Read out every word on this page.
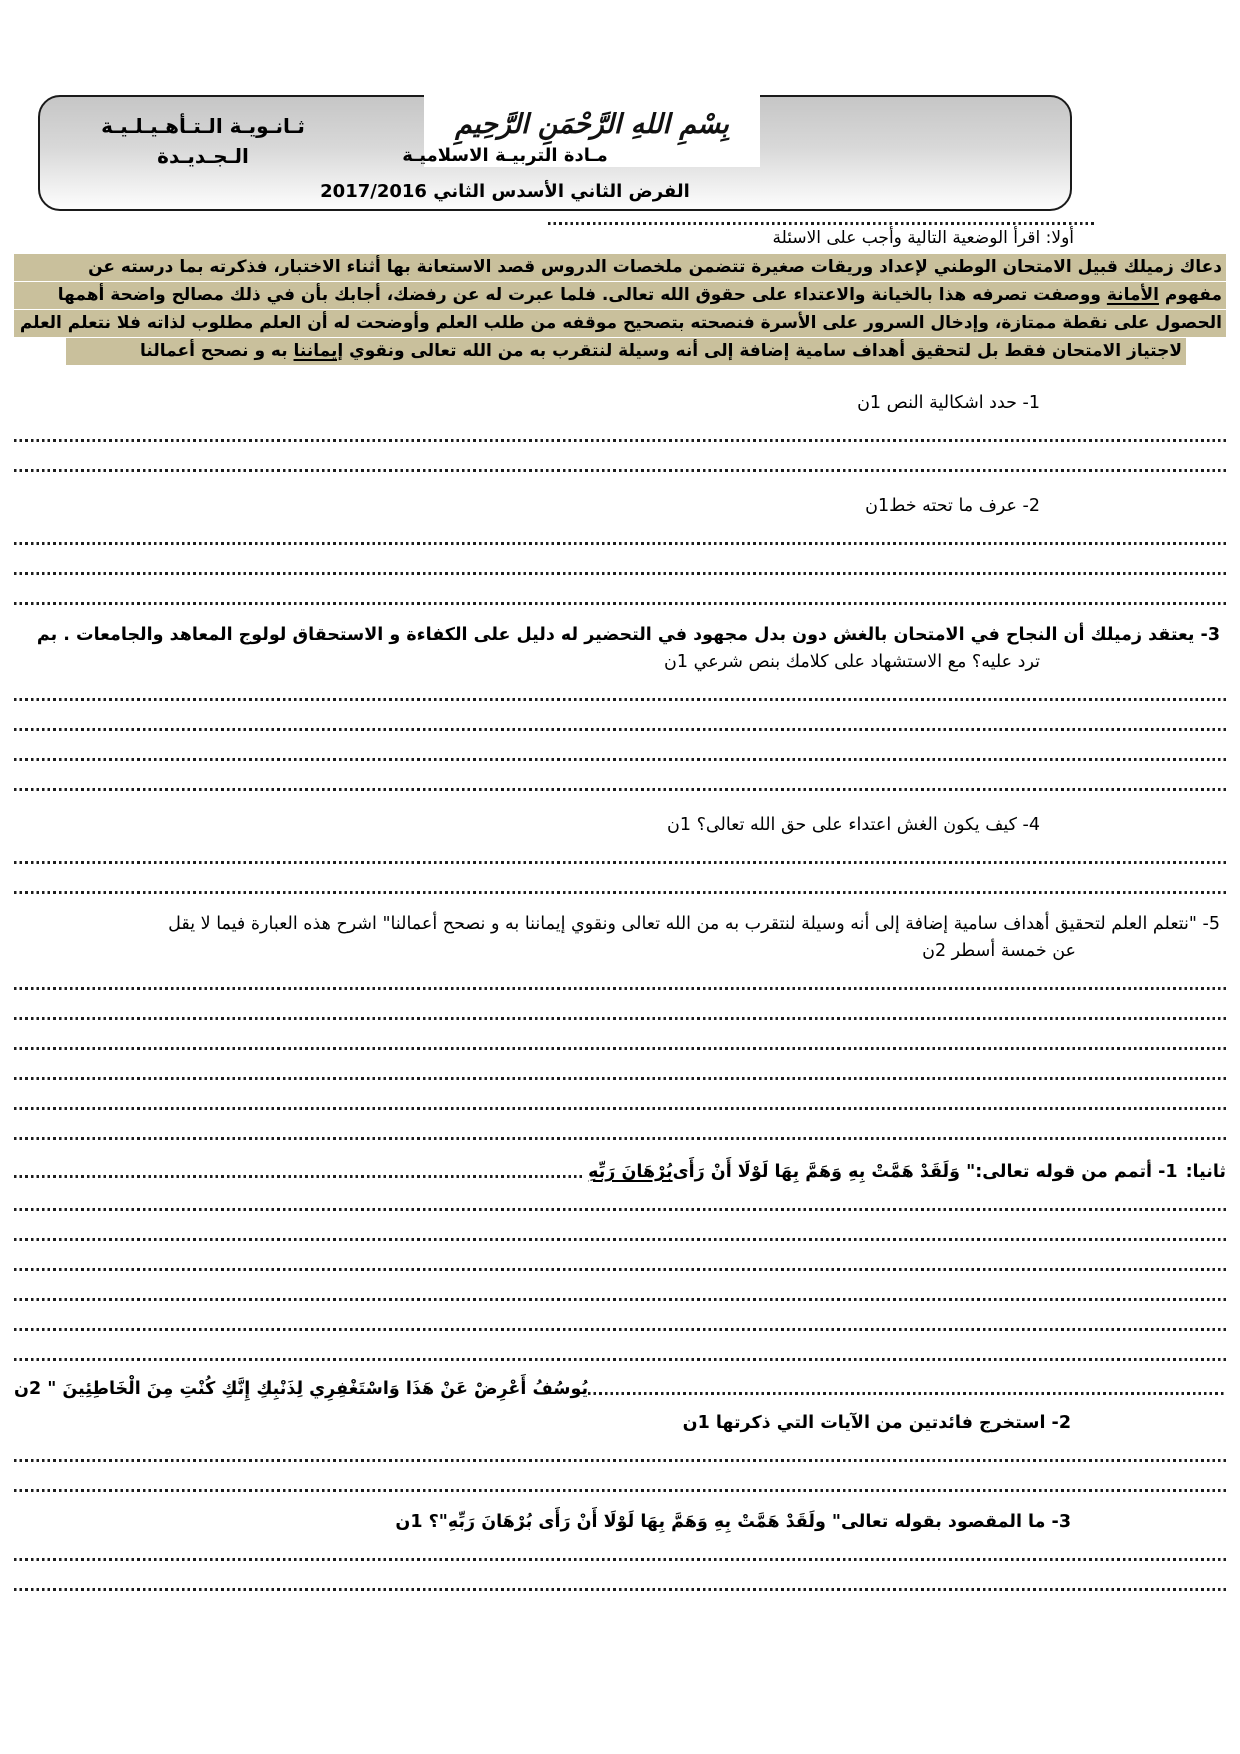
بِسْمِ اللهِ الرَّحْمَنِ الرَّحِيمِ
ثـانـويـة الـتـأهـيـلـيـة
الـجـديـدة	مـادة التربيـة الاسلاميـة
الفرض الثاني الأسدس الثاني 2017/2016
أولا: اقرأ الوضعية التالية وأجب على الاسئلة
دعاك زميلك قبيل الامتحان الوطني لإعداد وريقات صغيرة تتضمن ملخصات الدروس قصد الاستعانة بها أثناء الاختبار، فذكرته بما درسته عن
مفهوم الأمانة ووصفت تصرفه هذا بالخيانة والاعتداء على حقوق الله تعالى. فلما عبرت له عن رفضك، أجابك بأن في ذلك مصالح واضحة أهمها
الحصول على نقطة ممتازة، وإدخال السرور على الأسرة فنصحته بتصحيح موقفه من طلب العلم وأوضحت له أن العلم مطلوب لذاته فلا نتعلم العلم
لاجتياز الامتحان فقط بل لتحقيق أهداف سامية إضافة إلى أنه وسيلة لنتقرب به من الله تعالى ونقوي إيماننا به و نصحح أعمالنا
1- حدد اشكالية النص 1ن
2- عرف ما تحته خط1ن
3- يعتقد زميلك أن النجاح في الامتحان بالغش دون بدل مجهود في التحضير له دليل على الكفاءة و الاستحقاق لولوج المعاهد والجامعات . بم
ترد عليه؟ مع الاستشهاد على كلامك بنص شرعي 1ن
4- كيف يكون الغش اعتداء على حق الله تعالى؟ 1ن
5- "نتعلم العلم لتحقيق أهداف سامية إضافة إلى أنه وسيلة لنتقرب به من الله تعالى ونقوي إيماننا به و نصحح أعمالنا" اشرح هذه العبارة فيما لا يقل
عن خمسة أسطر 2ن
ثانيا:
1- أتمم من قوله تعالى:" وَلَقَدْ هَمَّتْ بِهِ وَهَمَّ بِهَا لَوْلَا أَنْ رَأَى
بُرْهَانَ رَبِّهِ
يُوسُفُ أَعْرِضْ عَنْ هَذَا وَاسْتَغْفِرِي لِذَنْبِكِ إِنَّكِ كُنْتِ مِنَ الْخَاطِئِينَ " 2ن
2- استخرج فائدتين من الآيات التي ذكرتها 1ن
3- ما المقصود بقوله تعالى" ولَقَدْ هَمَّتْ بِهِ وَهَمَّ بِهَا لَوْلَا أَنْ رَأَى بُرْهَانَ رَبِّهِ"؟ 1ن
